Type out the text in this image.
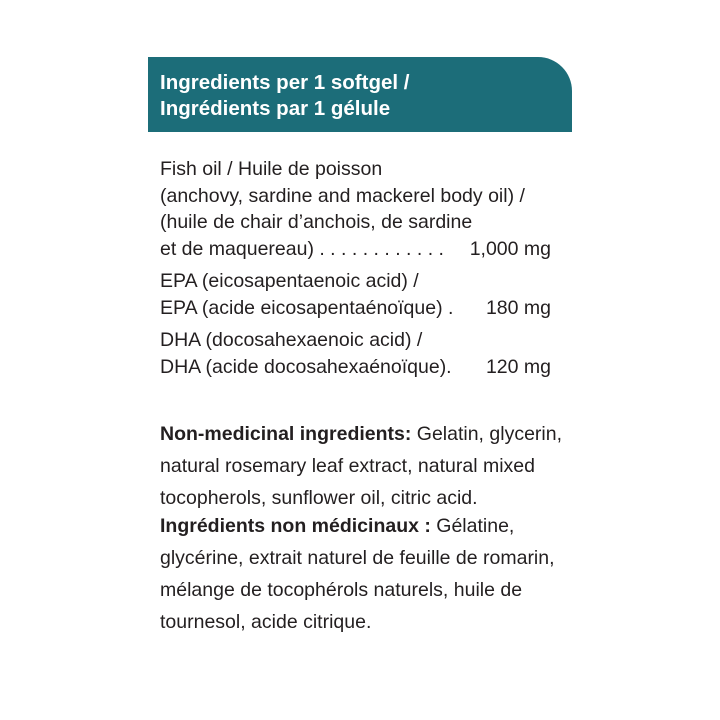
Ingredients per 1 softgel /
Ingrédients par 1 gélule
Fish oil / Huile de poisson
(anchovy, sardine and mackerel body oil) /
(huile de chair d’anchois, de sardine
et de maquereau) . . . . . . . . . . . . 1,000 mg
EPA (eicosapentaenoic acid) /
EPA (acide eicosapentaénoïque) . 180 mg
DHA (docosahexaenoic acid) /
DHA (acide docosahexaénoïque). 120 mg
Non-medicinal ingredients: Gelatin, glycerin, natural rosemary leaf extract, natural mixed tocopherols, sunflower oil, citric acid.
Ingrédients non médicinaux : Gélatine, glycérine, extrait naturel de feuille de romarin, mélange de tocophérols naturels, huile de tournesol, acide citrique.
